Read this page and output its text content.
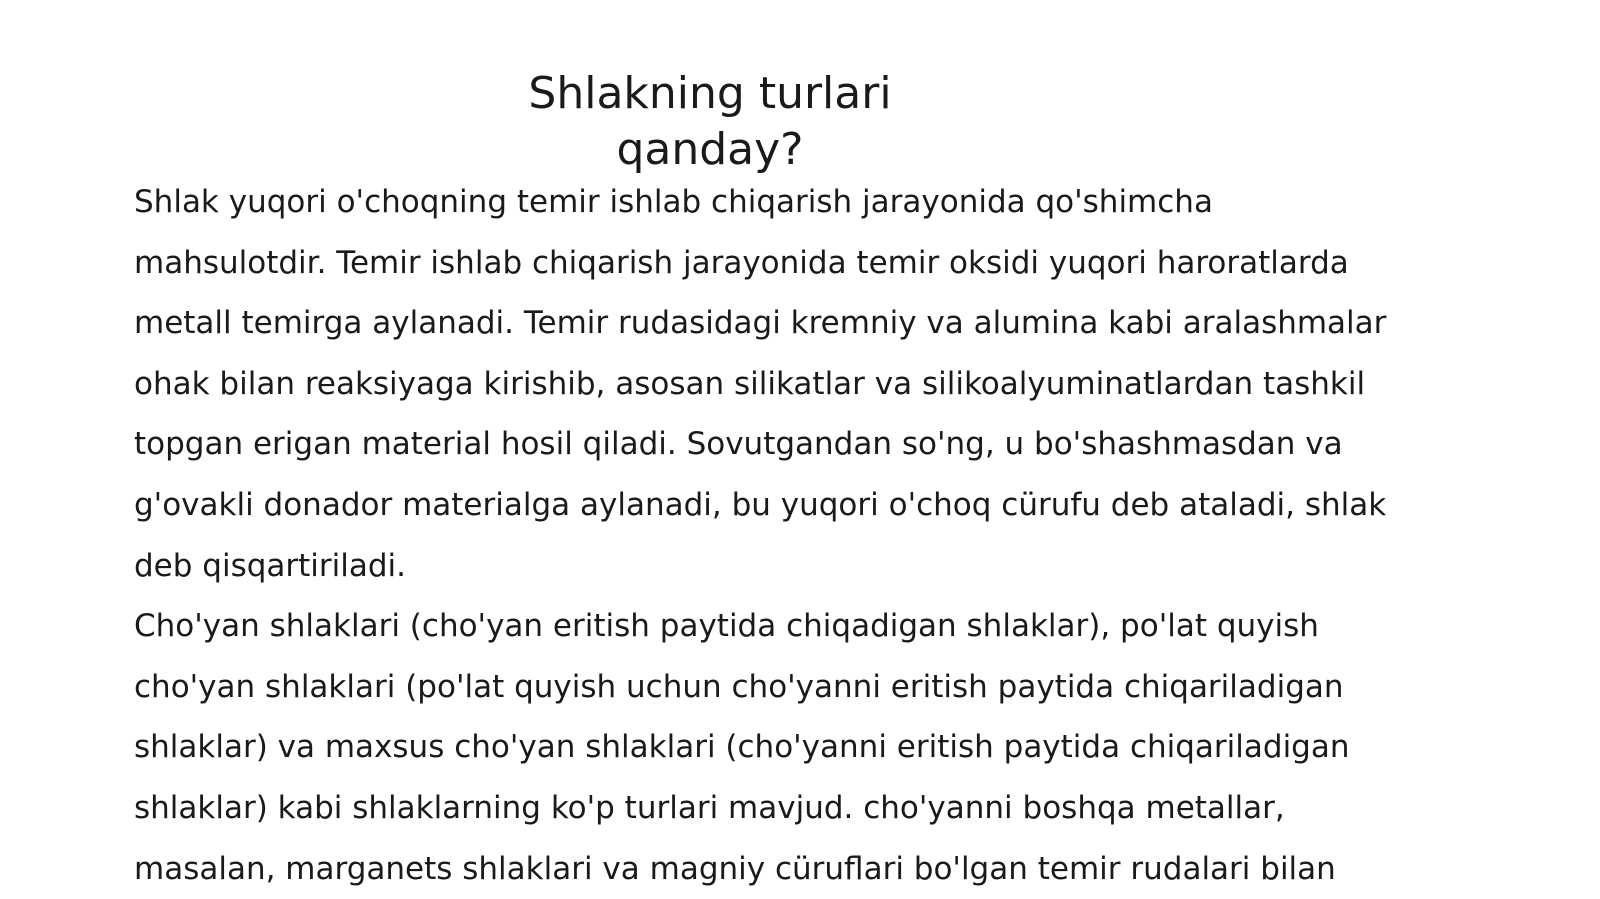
Shlakning turlari
qanday?
Shlak yuqori o'choqning temir ishlab chiqarish jarayonida qo'shimcha
mahsulotdir. Temir ishlab chiqarish jarayonida temir oksidi yuqori haroratlarda
metall temirga aylanadi. Temir rudasidagi kremniy va alumina kabi aralashmalar
ohak bilan reaksiyaga kirishib, asosan silikatlar va silikoalyuminatlardan tashkil
topgan erigan material hosil qiladi. Sovutgandan so'ng, u bo'shashmasdan va
g'ovakli donador materialga aylanadi, bu yuqori o'choq cürufu deb ataladi, shlak
deb qisqartiriladi.
Cho'yan shlaklari (cho'yan eritish paytida chiqadigan shlaklar), po'lat quyish
cho'yan shlaklari (po'lat quyish uchun cho'yanni eritish paytida chiqariladigan
shlaklar) va maxsus cho'yan shlaklari (cho'yanni eritish paytida chiqariladigan
shlaklar) kabi shlaklarning ko'p turlari mavjud. cho'yanni boshqa metallar,
masalan, marganets shlaklari va magniy cüruflari bo'lgan temir rudalari bilan
